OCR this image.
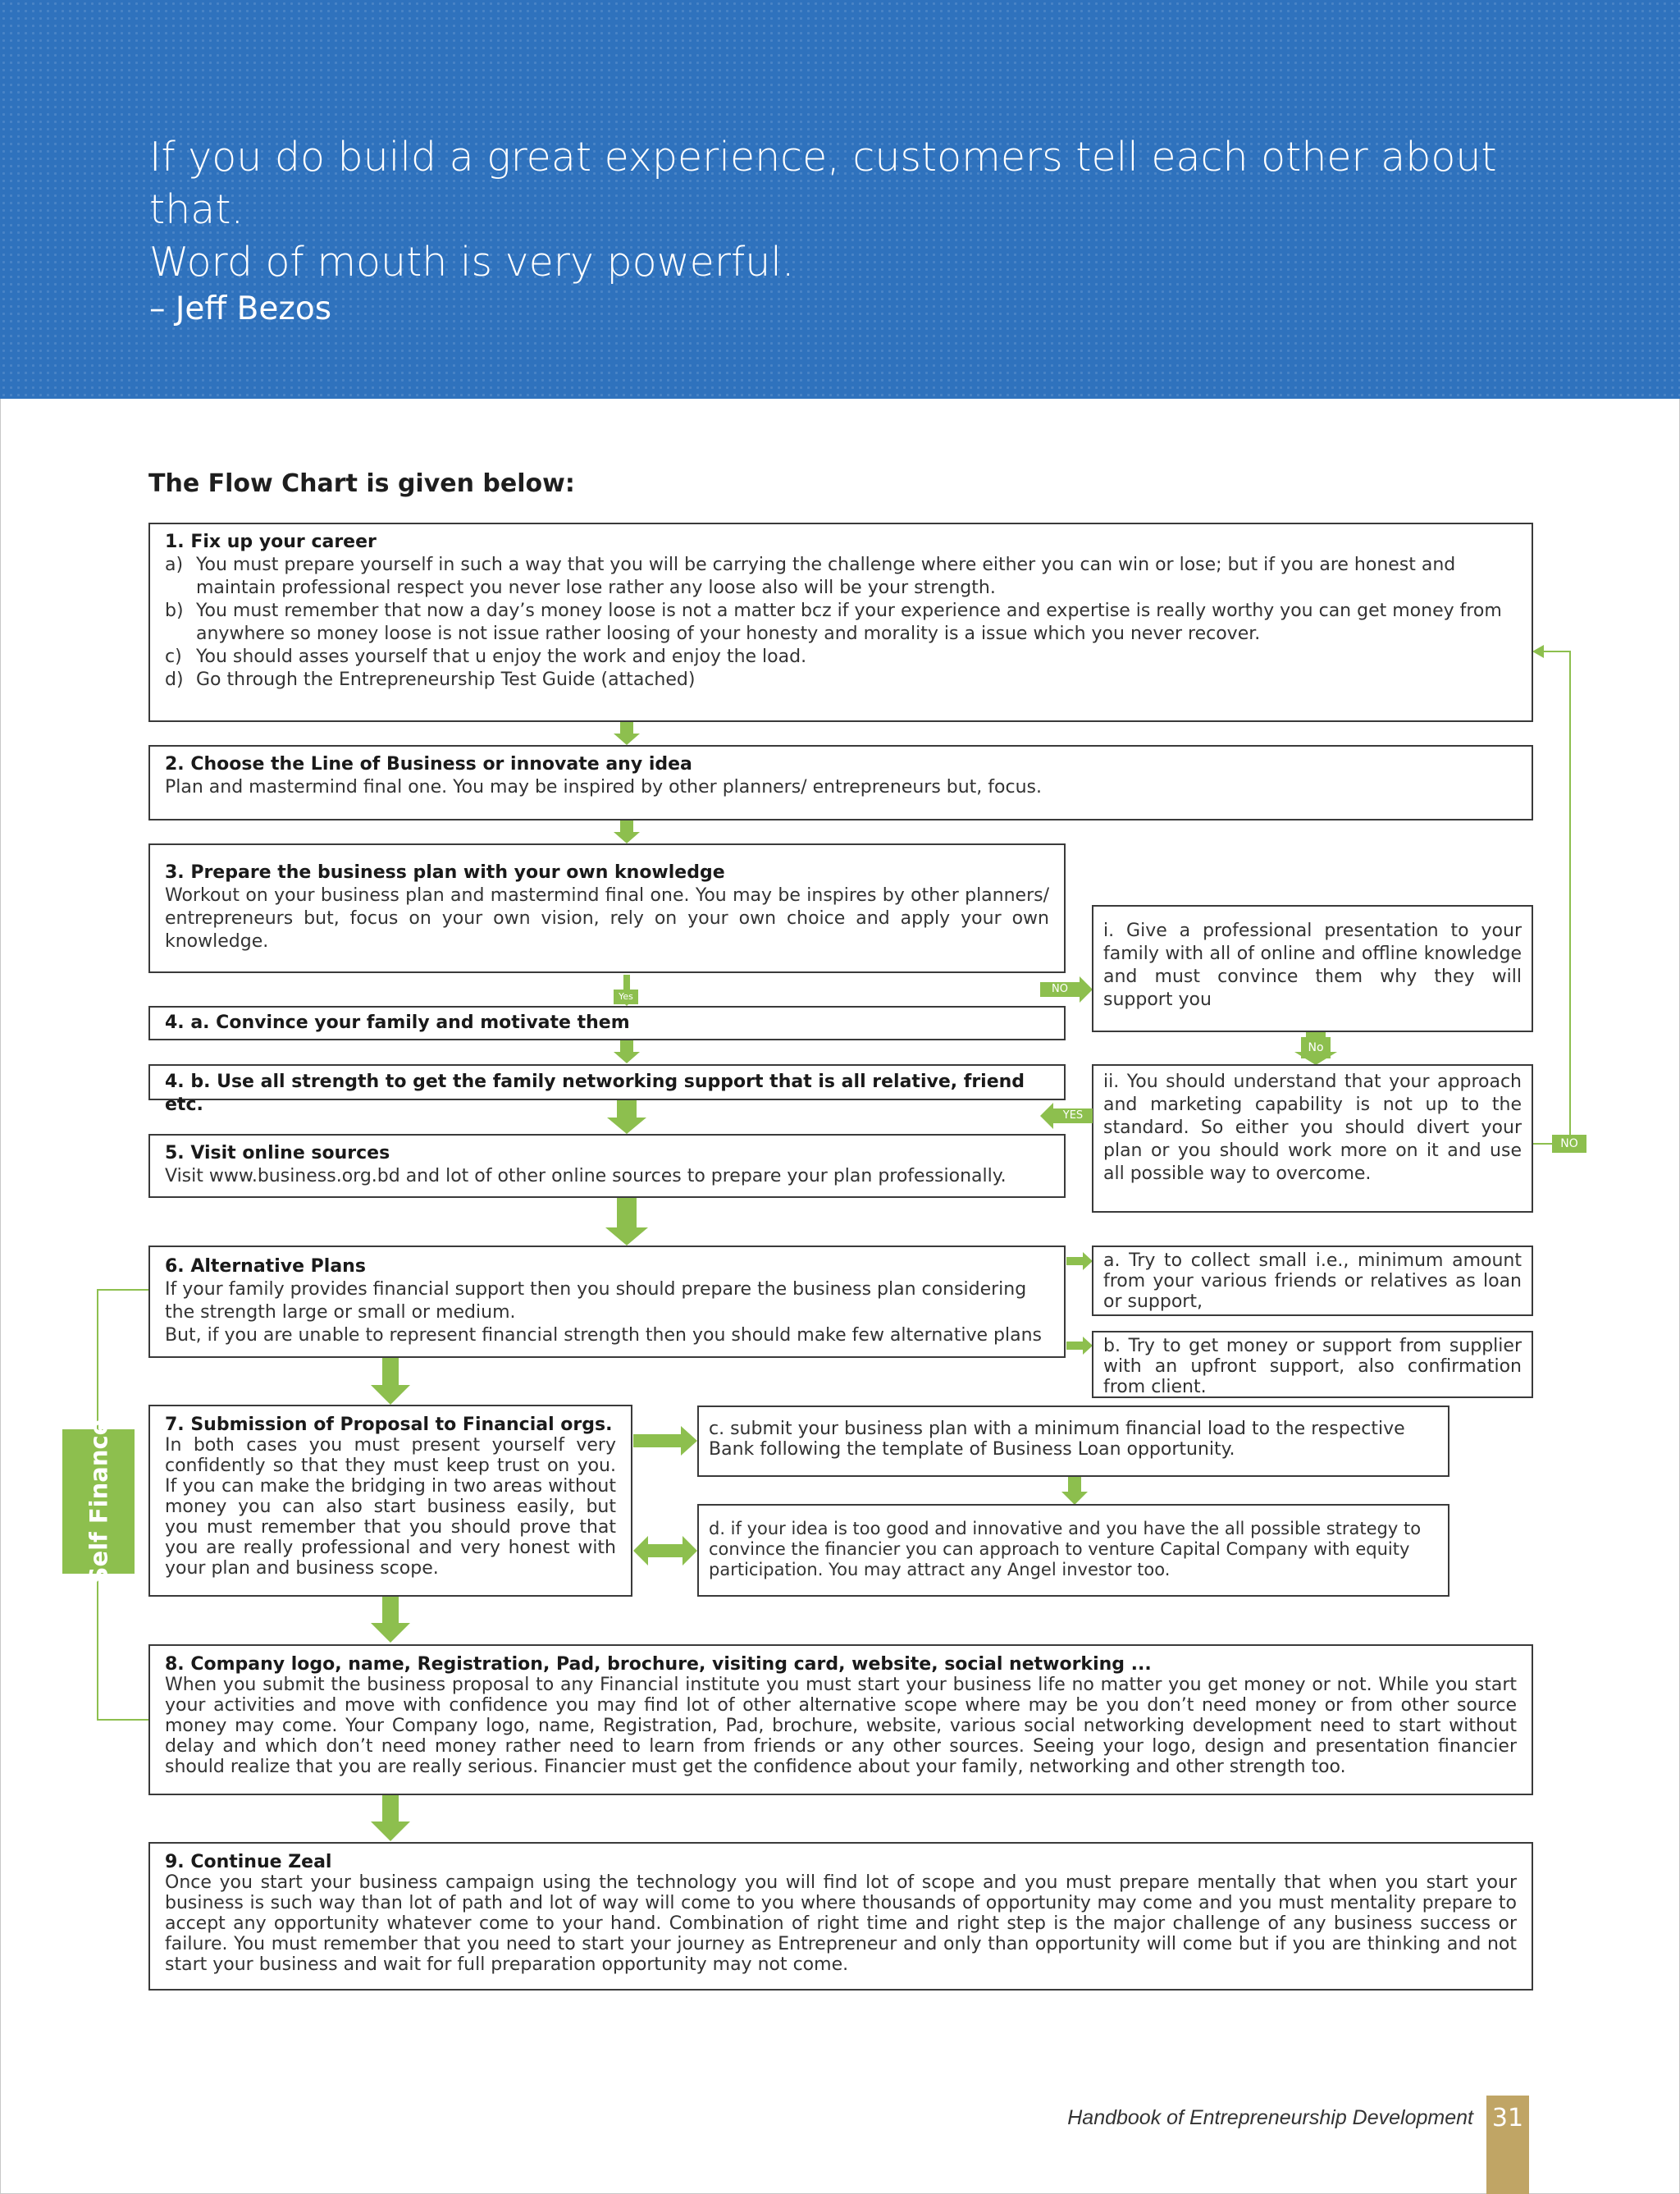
If you do build a great experience, customers tell each other about that.
Word of mouth is very powerful.
– Jeff Bezos
The Flow Chart is given below:
1. Fix up your career
a) You must prepare yourself in such a way that you will be carrying the challenge where either you can win or lose; but if you are honest and maintain professional respect you never lose rather any loose also will be your strength.
b) You must remember that now a day’s money loose is not a matter bcz if your experience and expertise is really worthy you can get money from anywhere so money loose is not issue rather loosing of your honesty and morality is a issue which you never recover.
c) You should asses yourself that u enjoy the work and enjoy the load.
d) Go through the Entrepreneurship Test Guide (attached)
2. Choose the Line of Business or innovate any idea
Plan and mastermind final one. You may be inspired by other planners/ entrepreneurs but, focus.
3. Prepare the business plan with your own knowledge
Workout on your business plan and mastermind final one. You may be inspires by other planners/ entrepreneurs but, focus on your own vision, rely on your own choice and apply your own knowledge.
4. a. Convince your family and motivate them
4. b. Use all strength to get the family networking support that is all relative, friend etc.
5. Visit online sources
Visit www.business.org.bd and lot of other online sources to prepare your plan professionally.
6. Alternative Plans
If your family provides financial support then you should prepare the business plan considering the strength large or small or medium.
But, if you are unable to represent financial strength then you should make few alternative plans
7. Submission of Proposal to Financial orgs.
In both cases you must present yourself very confidently so that they must keep trust on you. If you can make the bridging in two areas without money you can also start business easily, but you must remember that you should prove that you are really professional and very honest with your plan and business scope.
8. Company logo, name, Registration, Pad, brochure, visiting card, website, social networking ...
When you submit the business proposal to any Financial institute you must start your business life no matter you get money or not. While you start your activities and move with confidence you may find lot of other alternative scope where may be you don’t need money or from other source money may come. Your Company logo, name, Registration, Pad, brochure, website, various social networking development need to start without delay and which don’t need money rather need to learn from friends or any other sources. Seeing your logo, design and presentation financier should realize that you are really serious. Financier must get the confidence about your family, networking and other strength too.
9. Continue Zeal
Once you start your business campaign using the technology you will find lot of scope and you must prepare mentally that when you start your business is such way than lot of path and lot of way will come to you where thousands of opportunity may come and you must mentality prepare to accept any opportunity whatever come to your hand. Combination of right time and right step is the major challenge of any business success or failure. You must remember that you need to start your journey as Entrepreneur and only than opportunity will come but if you are thinking and not start your business and wait for full preparation opportunity may not come.
i. Give a professional presentation to your family with all of online and offline knowledge and must convince them why they will support you
ii. You should understand that your approach and marketing capability is not up to the standard. So either you should divert your plan or you should work more on it and use all possible way to overcome.
a. Try to collect small i.e., minimum amount from your various friends or relatives as loan or support,
b. Try to get money or support from supplier with an upfront support, also confirmation from client.
c. submit your business plan with a minimum financial load to the respective Bank following the template of Business Loan opportunity.
d. if your idea is too good and innovative and you have the all possible strategy to convince the financier you can approach to venture Capital Company with equity participation. You may attract any Angel investor too.
Yes
NO
No
YES
NO
Self Finance
Handbook of Entrepreneurship Development 31
